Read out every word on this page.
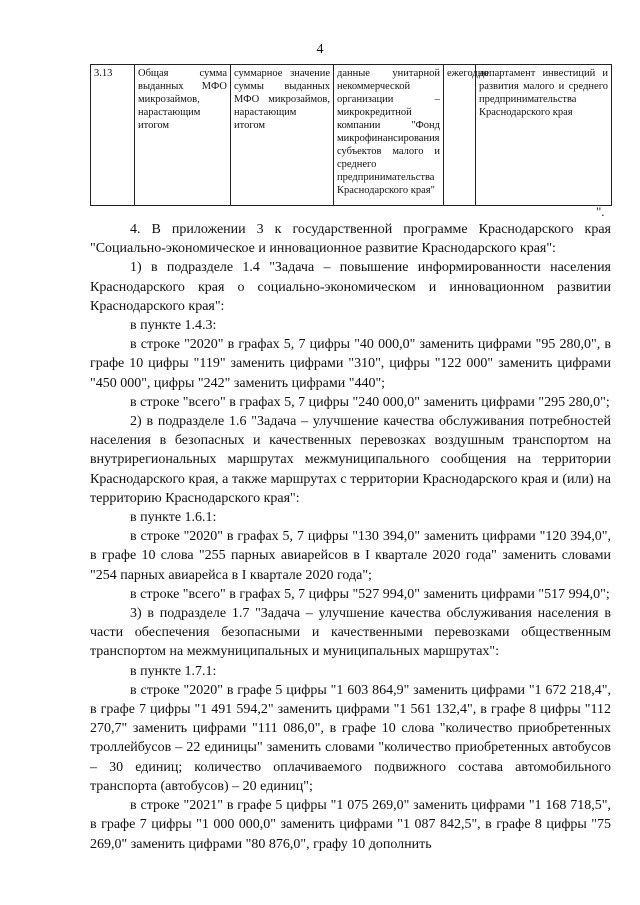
4
3.13	Общая сумма выданных МФО микрозаймов, нарастающим итогом	суммарное значение суммы выданных МФО микрозаймов, нарастающим итогом	данные унитарной некоммерческой организации – микрокредитной компании "Фонд микрофинансирования субъектов малого и среднего предпринимательства Краснодарского края"	ежегодно	департамент инвестиций и развития малого и среднего предпринимательства Краснодарского края
".

4. В приложении 3 к государственной программе Краснодарского края "Социально-экономическое и инновационное развитие Краснодарского края":

1) в подразделе 1.4 "Задача – повышение информированности населения Краснодарского края о социально-экономическом и инновационном развитии Краснодарского края":

в пункте 1.4.3:

в строке "2020" в графах 5, 7 цифры "40 000,0" заменить цифрами "95 280,0", в графе 10 цифры "119" заменить цифрами "310", цифры "122 000" заменить цифрами "450 000", цифры "242" заменить цифрами "440";

в строке "всего" в графах 5, 7 цифры "240 000,0" заменить цифрами "295 280,0";

2) в подразделе 1.6 "Задача – улучшение качества обслуживания потребностей населения в безопасных и качественных перевозках воздушным транспортом на внутрирегиональных маршрутах межмуниципального сообщения на территории Краснодарского края, а также маршрутах с территории Краснодарского края и (или) на территорию Краснодарского края":

в пункте 1.6.1:

в строке "2020" в графах 5, 7 цифры "130 394,0" заменить цифрами "120 394,0", в графе 10 слова "255 парных авиарейсов в I квартале 2020 года" заменить словами "254 парных авиарейса в I квартале 2020 года";

в строке "всего" в графах 5, 7 цифры "527 994,0" заменить цифрами "517 994,0";

3) в подразделе 1.7 "Задача – улучшение качества обслуживания населения в части обеспечения безопасными и качественными перевозками общественным транспортом на межмуниципальных и муниципальных маршрутах":

в пункте 1.7.1:

в строке "2020" в графе 5 цифры "1 603 864,9" заменить цифрами "1 672 218,4", в графе 7 цифры "1 491 594,2" заменить цифрами "1 561 132,4", в графе 8 цифры "112 270,7" заменить цифрами "111 086,0", в графе 10 слова "количество приобретенных троллейбусов – 22 единицы" заменить словами "количество приобретенных автобусов – 30 единиц; количество оплачиваемого подвижного состава автомобильного транспорта (автобусов) – 20 единиц";

в строке "2021" в графе 5 цифры "1 075 269,0" заменить цифрами "1 168 718,5", в графе 7 цифры "1 000 000,0" заменить цифрами "1 087 842,5", в графе 8 цифры "75 269,0" заменить цифрами "80 876,0", графу 10 дополнить
